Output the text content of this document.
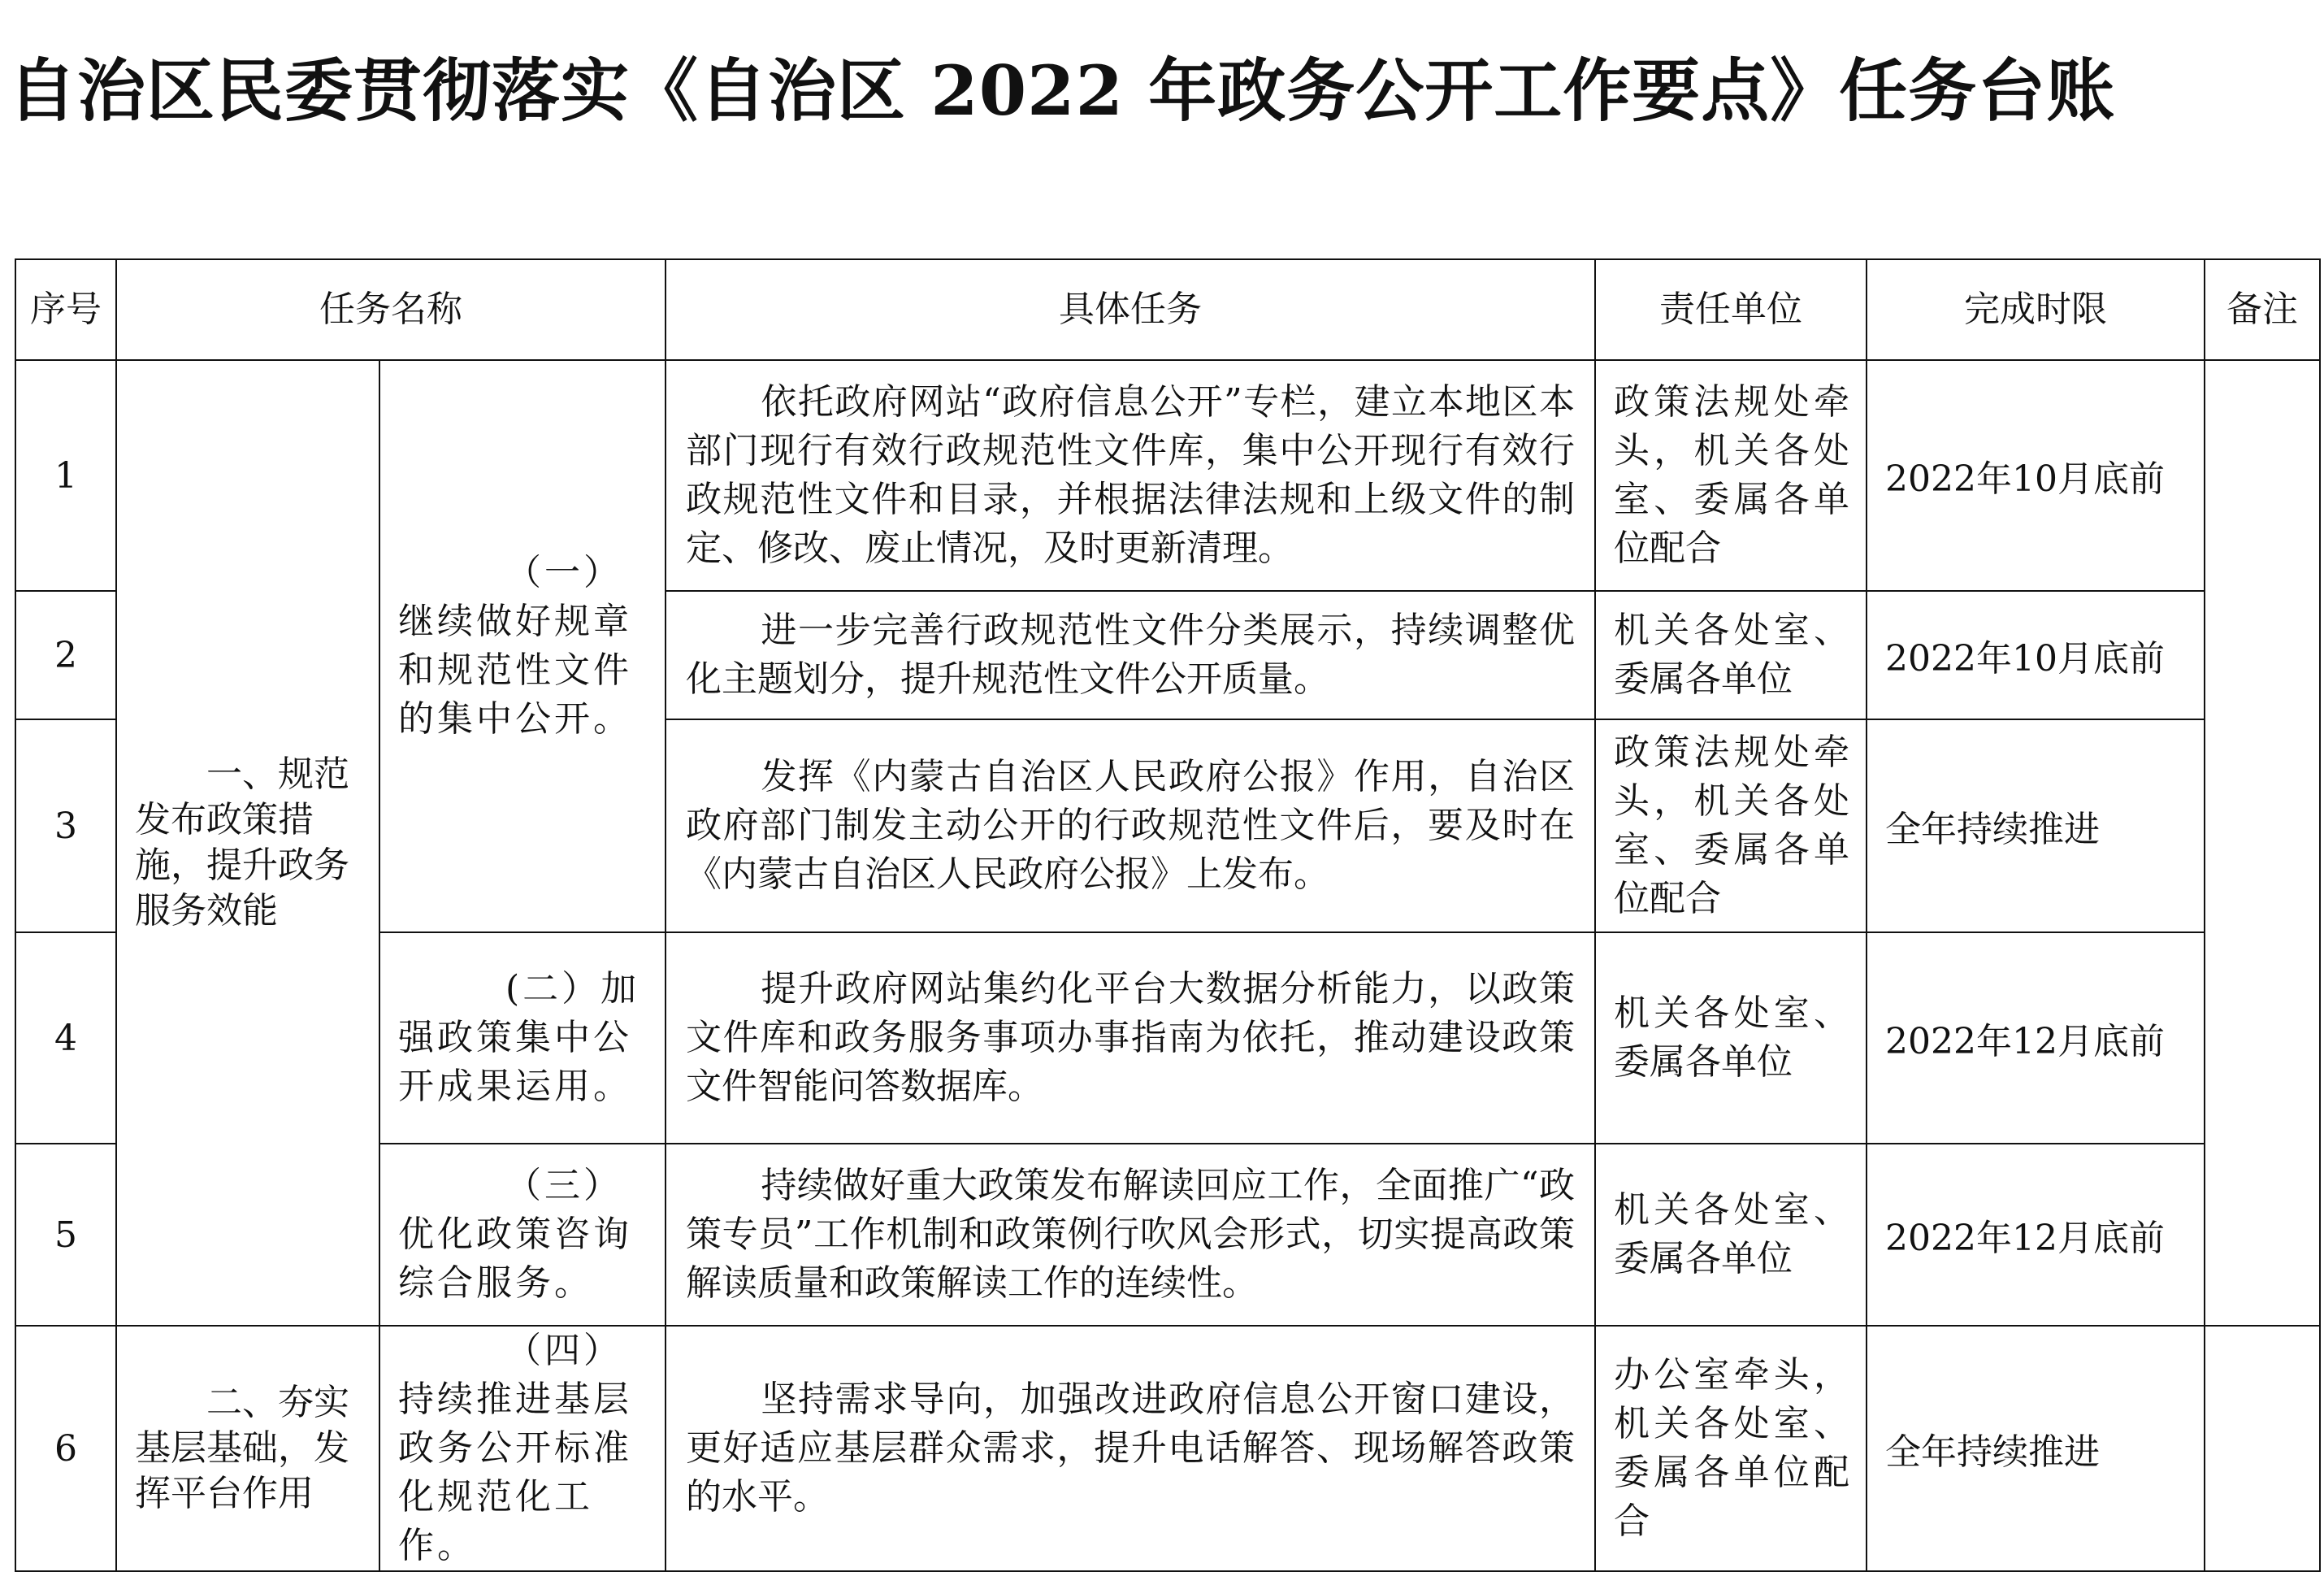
自治区民委贯彻落实《自治区 2022 年政务公开工作要点》任务台账
序号	任务名称		具体任务	责任单位	完成时限	备注
1	一、规范发布政策措施，提升政务服务效能	（一）继续做好规章和规范性文件的集中公开。	依托政府网站“政府信息公开”专栏，建立本地区本部门现行有效行政规范性文件库，集中公开现行有效行政规范性文件和目录，并根据法律法规和上级文件的制定、修改、废止情况，及时更新清理。	政策法规处牵头，机关各处室、委属各单位配合	2022年10月底前	
2			进一步完善行政规范性文件分类展示，持续调整优化主题划分，提升规范性文件公开质量。	机关各处室、委属各单位	2022年10月底前	
3			发挥《内蒙古自治区人民政府公报》作用，自治区政府部门制发主动公开的行政规范性文件后，要及时在《内蒙古自治区人民政府公报》上发布。	政策法规处牵头，机关各处室、委属各单位配合	全年持续推进	
4		(二）加强政策集中公开成果运用。	提升政府网站集约化平台大数据分析能力，以政策文件库和政务服务事项办事指南为依托，推动建设政策文件智能问答数据库。	机关各处室、委属各单位	2022年12月底前	
5		（三）优化政策咨询综合服务。	持续做好重大政策发布解读回应工作，全面推广“政策专员”工作机制和政策例行吹风会形式，切实提高政策解读质量和政策解读工作的连续性。	机关各处室、委属各单位	2022年12月底前	
6	二、夯实基层基础，发挥平台作用	（四）持续推进基层政务公开标准化规范化工作。	坚持需求导向，加强改进政府信息公开窗口建设，更好适应基层群众需求，提升电话解答、现场解答政策的水平。	办公室牵头，机关各处室、委属各单位配合	全年持续推进	
